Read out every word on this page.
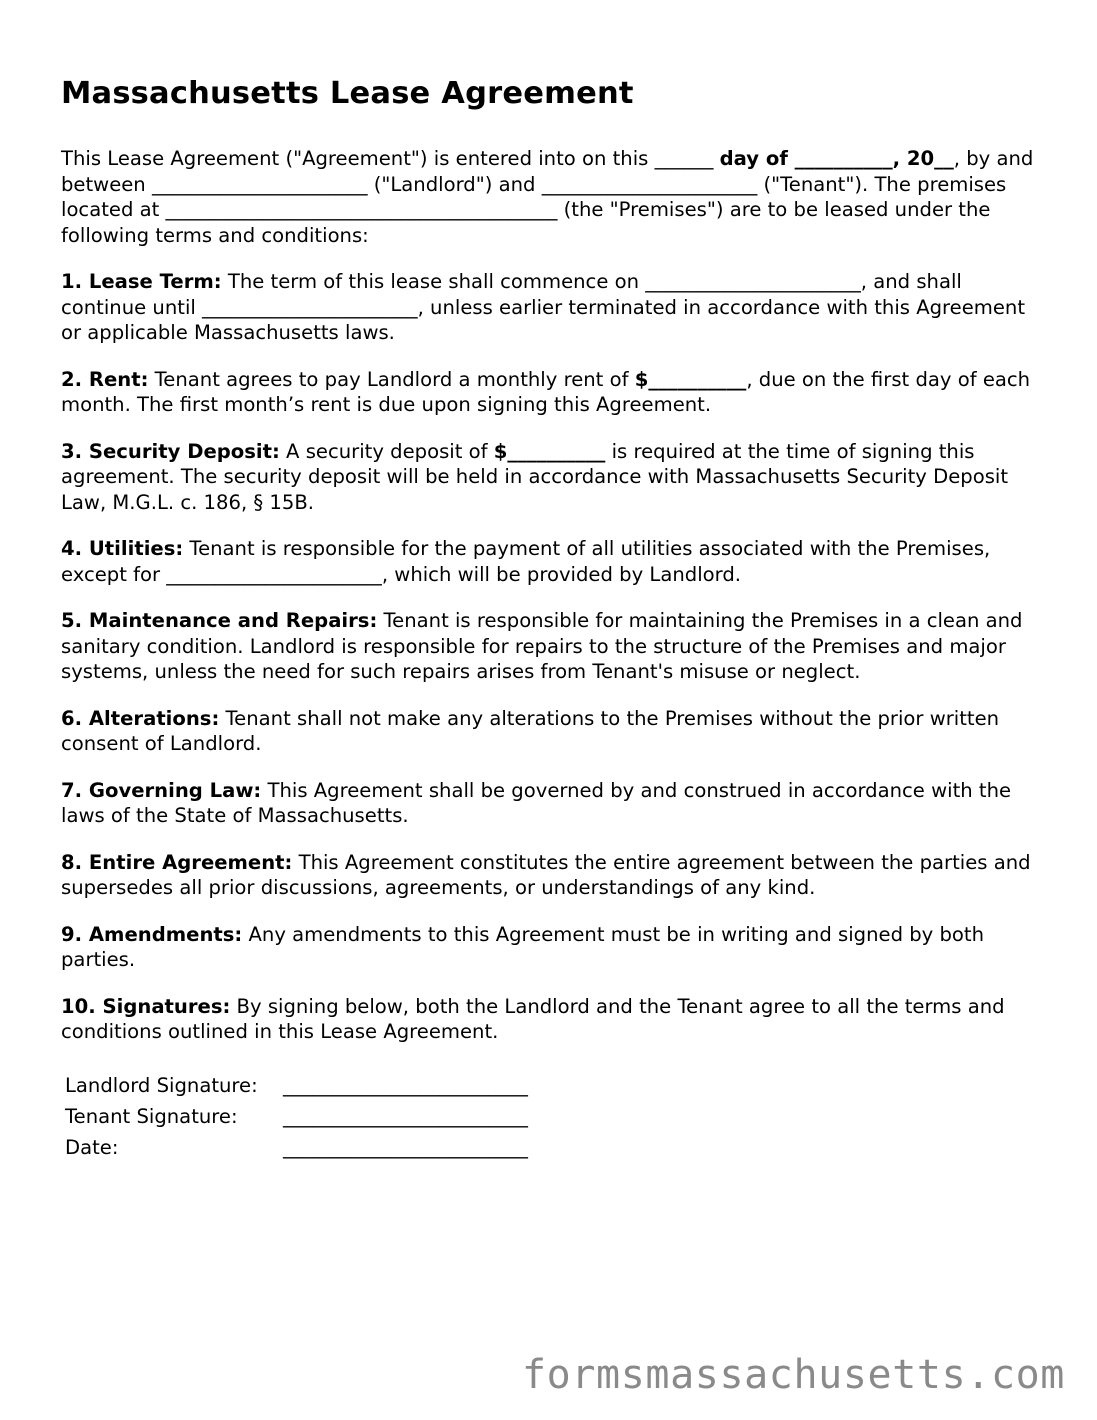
Massachusetts Lease Agreement

This Lease Agreement ("Agreement") is entered into on this ______ day of __________, 20__, by and between ______________________ ("Landlord") and ______________________ ("Tenant"). The premises located at ________________________________________ (the "Premises") are to be leased under the following terms and conditions:

1. Lease Term: The term of this lease shall commence on ______________________, and shall continue until ______________________, unless earlier terminated in accordance with this Agreement or applicable Massachusetts laws.

2. Rent: Tenant agrees to pay Landlord a monthly rent of $__________, due on the first day of each month. The first month’s rent is due upon signing this Agreement.

3. Security Deposit: A security deposit of $__________ is required at the time of signing this agreement. The security deposit will be held in accordance with Massachusetts Security Deposit Law, M.G.L. c. 186, § 15B.

4. Utilities: Tenant is responsible for the payment of all utilities associated with the Premises, except for ______________________, which will be provided by Landlord.

5. Maintenance and Repairs: Tenant is responsible for maintaining the Premises in a clean and sanitary condition. Landlord is responsible for repairs to the structure of the Premises and major systems, unless the need for such repairs arises from Tenant's misuse or neglect.

6. Alterations: Tenant shall not make any alterations to the Premises without the prior written consent of Landlord.

7. Governing Law: This Agreement shall be governed by and construed in accordance with the laws of the State of Massachusetts.

8. Entire Agreement: This Agreement constitutes the entire agreement between the parties and supersedes all prior discussions, agreements, or understandings of any kind.

9. Amendments: Any amendments to this Agreement must be in writing and signed by both parties.

10. Signatures: By signing below, both the Landlord and the Tenant agree to all the terms and conditions outlined in this Lease Agreement.

Landlord Signature:	_________________________
Tenant Signature:	_________________________
Date:	_________________________
formsmassachusetts.com
